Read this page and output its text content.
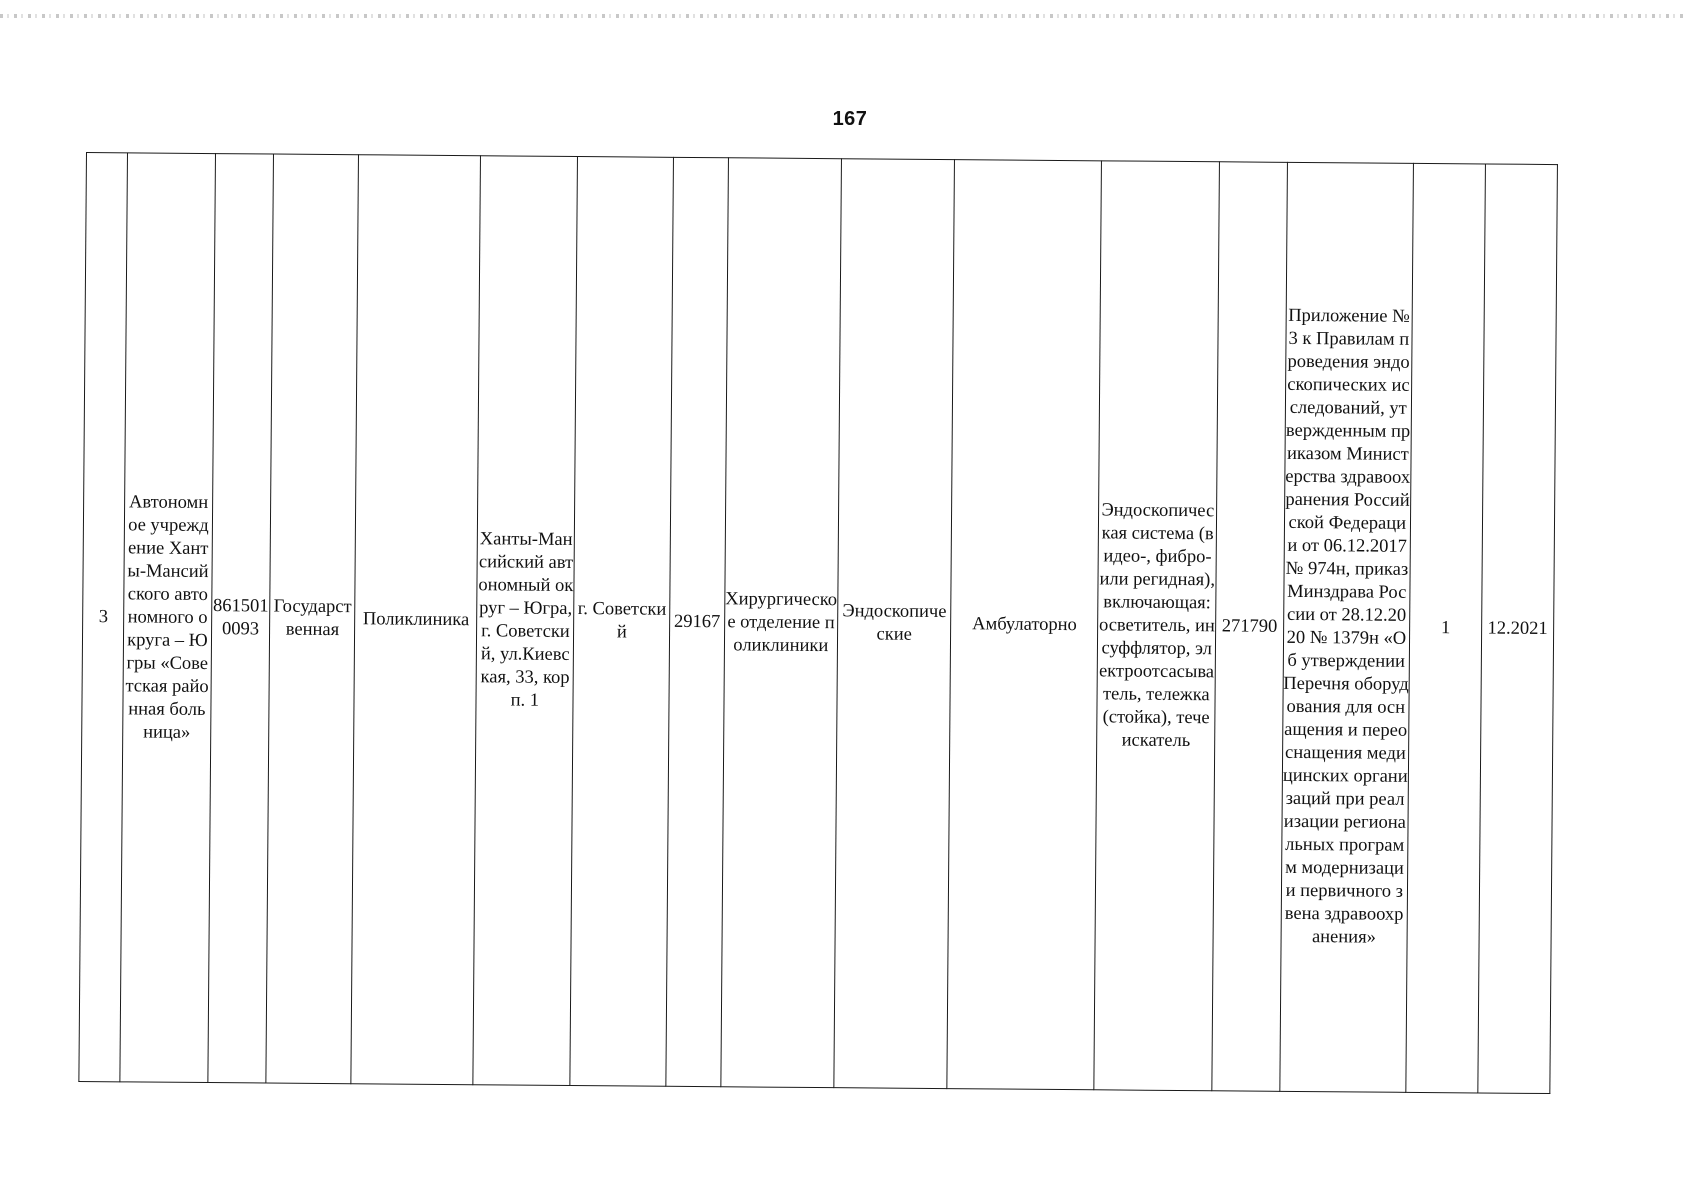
167
3	Автономное учреждение Ханты-Мансийского автономного округа – Югры «Советская районная больница»	8615010093	Государственная	Поликлиника	Ханты-Мансийский автономный округ – Югра, г. Советский, ул.Киевская, 33, корп. 1	г. Советский	29167	Хирургическое отделение поликлиники	Эндоскопические	Амбулаторно	Эндоскопическая система (видео-, фибро- или регидная), включающая: осветитель, инсуффлятор, электроотсасыватель, тележка (стойка), течеискатель	271790	Приложение № 3 к Правилам проведения эндоскопических исследований, утвержденным приказом Министерства здравоохранения Российской Федерации от 06.12.2017 № 974н, приказ Минздрава России от 28.12.2020 № 1379н «Об утверждении Перечня оборудования для оснащения и переоснащения медицинских организаций при реализации региональных программ модернизации первичного звена здравоохранения»	1	12.2021
